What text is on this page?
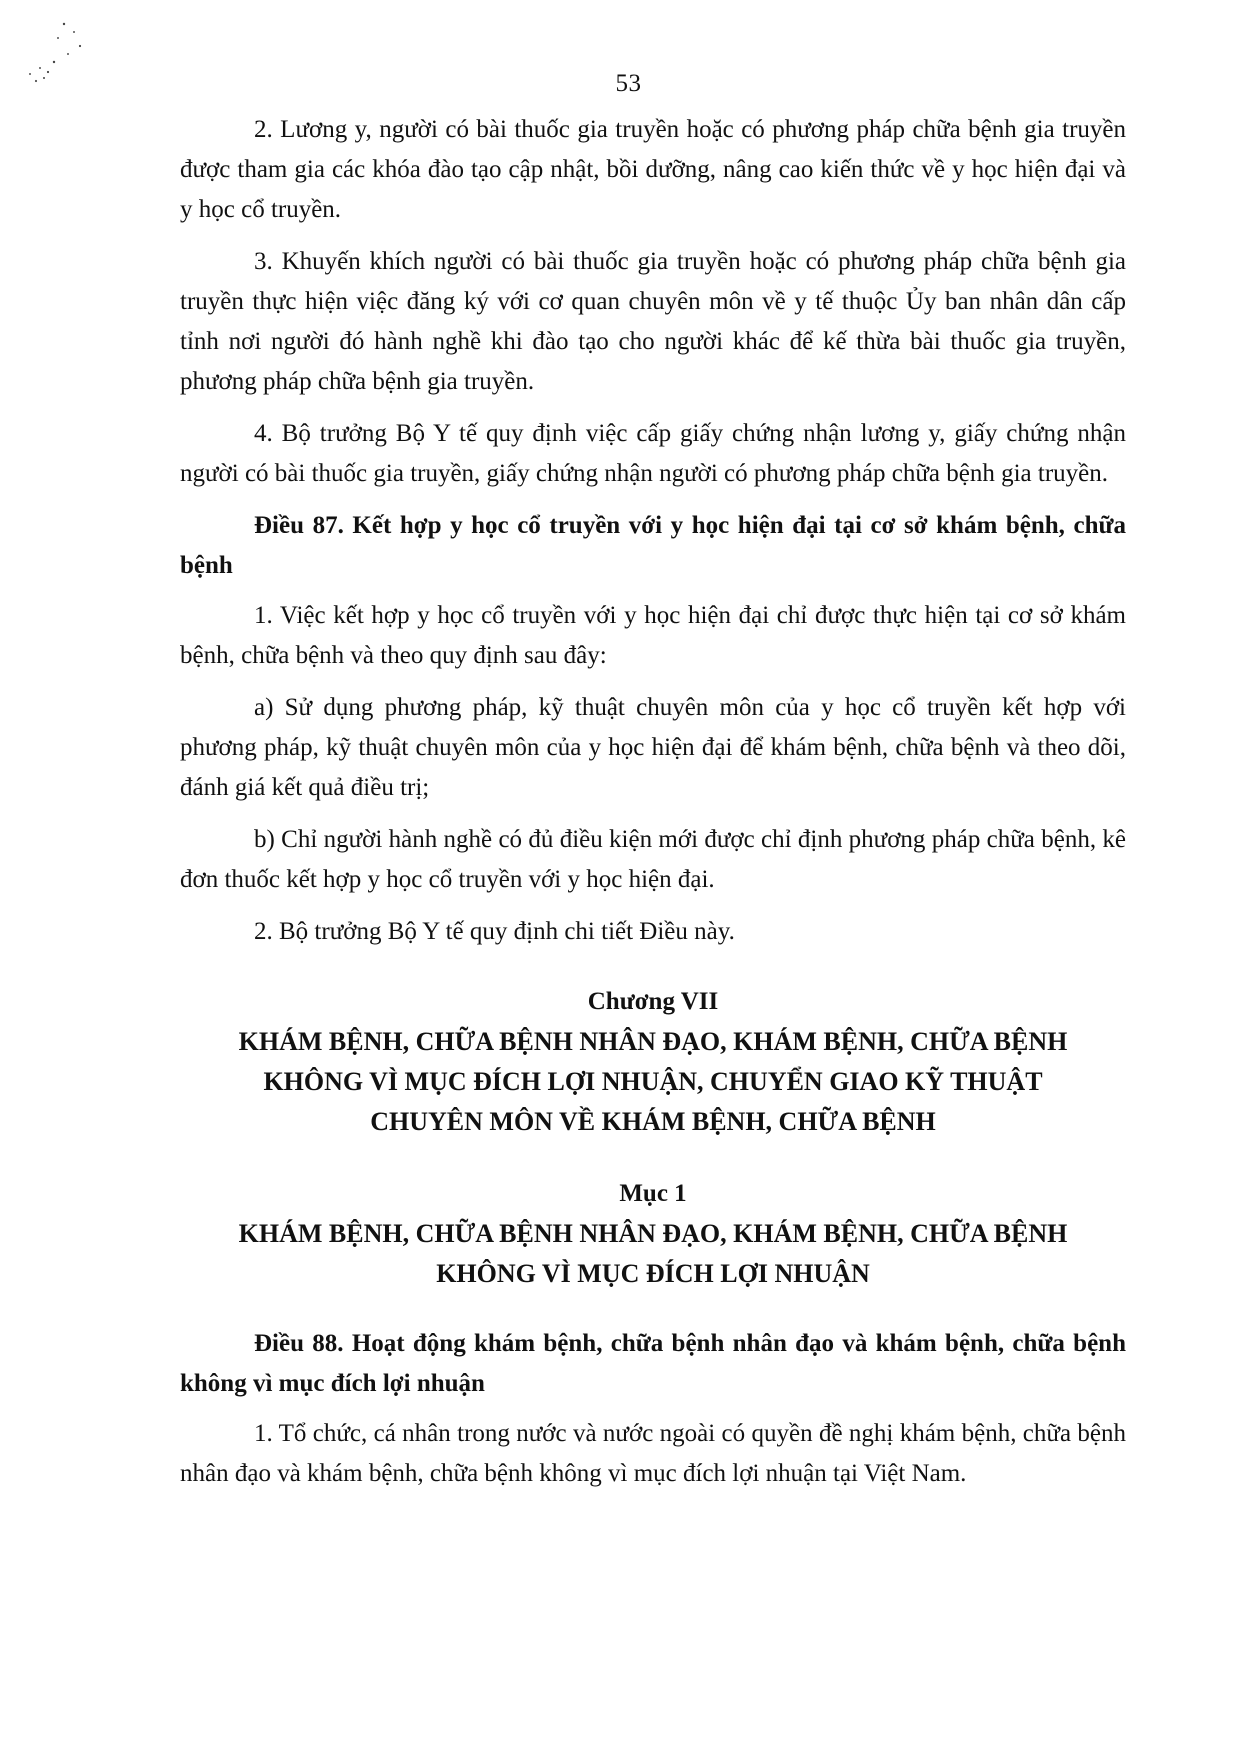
53

2. Lương y, người có bài thuốc gia truyền hoặc có phương pháp chữa bệnh gia truyền được tham gia các khóa đào tạo cập nhật, bồi dưỡng, nâng cao kiến thức về y học hiện đại và y học cổ truyền.

3. Khuyến khích người có bài thuốc gia truyền hoặc có phương pháp chữa bệnh gia truyền thực hiện việc đăng ký với cơ quan chuyên môn về y tế thuộc Ủy ban nhân dân cấp tỉnh nơi người đó hành nghề khi đào tạo cho người khác để kế thừa bài thuốc gia truyền, phương pháp chữa bệnh gia truyền.

4. Bộ trưởng Bộ Y tế quy định việc cấp giấy chứng nhận lương y, giấy chứng nhận người có bài thuốc gia truyền, giấy chứng nhận người có phương pháp chữa bệnh gia truyền.

Điều 87. Kết hợp y học cổ truyền với y học hiện đại tại cơ sở khám bệnh, chữa bệnh

1. Việc kết hợp y học cổ truyền với y học hiện đại chỉ được thực hiện tại cơ sở khám bệnh, chữa bệnh và theo quy định sau đây:

a) Sử dụng phương pháp, kỹ thuật chuyên môn của y học cổ truyền kết hợp với phương pháp, kỹ thuật chuyên môn của y học hiện đại để khám bệnh, chữa bệnh và theo dõi, đánh giá kết quả điều trị;

b) Chỉ người hành nghề có đủ điều kiện mới được chỉ định phương pháp chữa bệnh, kê đơn thuốc kết hợp y học cổ truyền với y học hiện đại.

2. Bộ trưởng Bộ Y tế quy định chi tiết Điều này.

Chương VII
KHÁM BỆNH, CHỮA BỆNH NHÂN ĐẠO, KHÁM BỆNH, CHỮA BỆNH
KHÔNG VÌ MỤC ĐÍCH LỢI NHUẬN, CHUYỂN GIAO KỸ THUẬT
CHUYÊN MÔN VỀ KHÁM BỆNH, CHỮA BỆNH
Mục 1
KHÁM BỆNH, CHỮA BỆNH NHÂN ĐẠO, KHÁM BỆNH, CHỮA BỆNH
KHÔNG VÌ MỤC ĐÍCH LỢI NHUẬN

Điều 88. Hoạt động khám bệnh, chữa bệnh nhân đạo và khám bệnh, chữa bệnh không vì mục đích lợi nhuận

1. Tổ chức, cá nhân trong nước và nước ngoài có quyền đề nghị khám bệnh, chữa bệnh nhân đạo và khám bệnh, chữa bệnh không vì mục đích lợi nhuận tại Việt Nam.
